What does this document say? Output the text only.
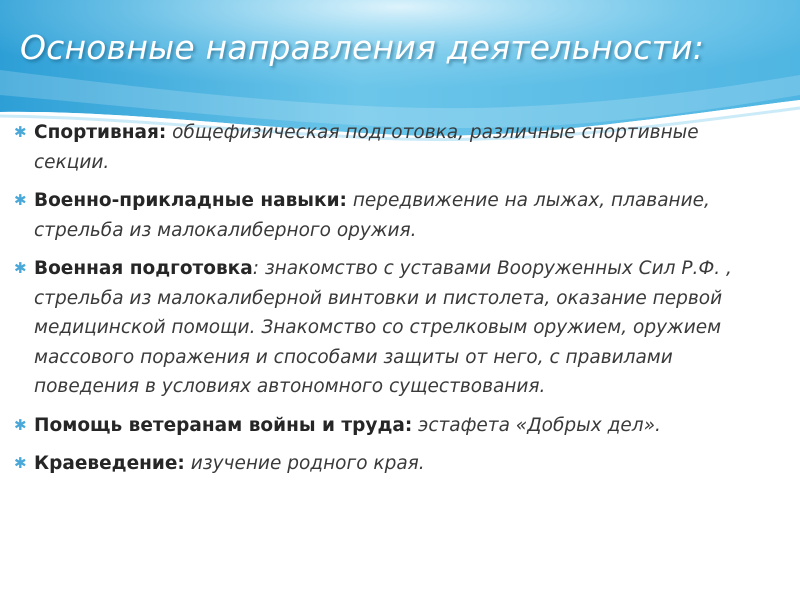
Основные направления деятельности:
✱ Спортивная: общефизическая подготовка, различные спортивные секции.
✱ Военно-прикладные навыки: передвижение на лыжах, плавание, стрельба из малокалиберного оружия.
✱ Военная подготовка: знакомство с уставами Вооруженных Сил Р.Ф. , стрельба из малокалиберной винтовки и пистолета, оказание первой медицинской помощи. Знакомство со стрелковым оружием, оружием массового поражения и способами защиты от него, с правилами поведения в условиях автономного существования.
✱ Помощь ветеранам войны и труда: эстафета «Добрых дел».
✱ Краеведение: изучение родного края.
